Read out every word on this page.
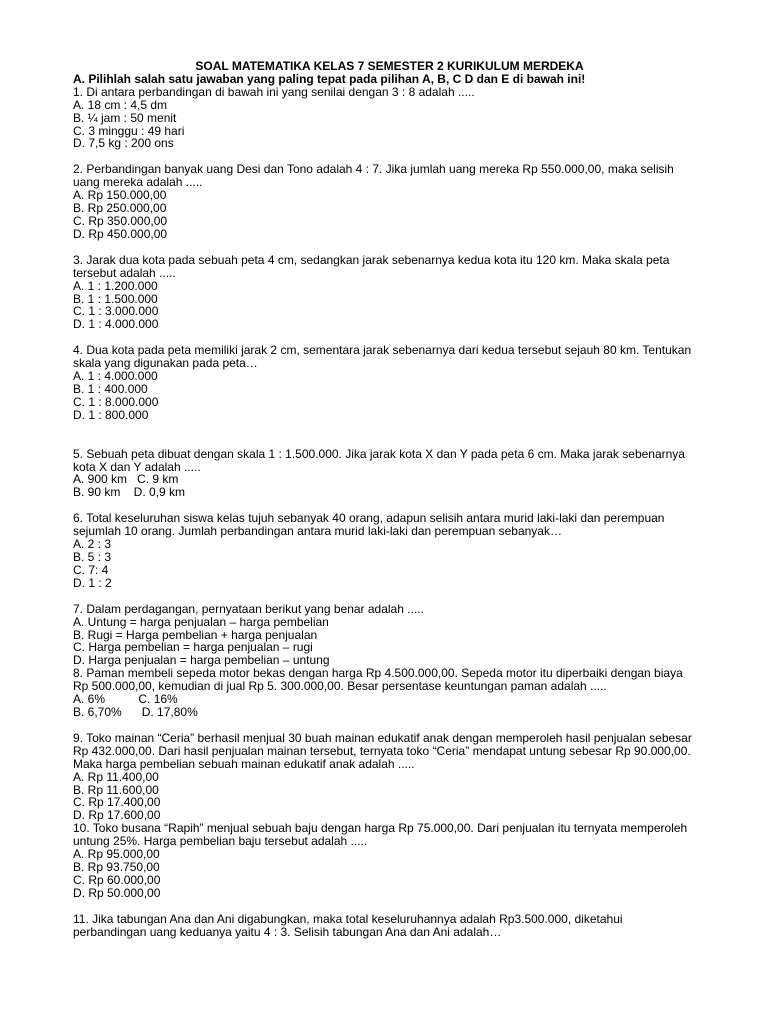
SOAL MATEMATIKA KELAS 7 SEMESTER 2 KURIKULUM MERDEKA
A. Pilihlah salah satu jawaban yang paling tepat pada pilihan A, B, C D dan E di bawah ini!
1. Di antara perbandingan di bawah ini yang senilai dengan 3 : 8 adalah .....
A. 18 cm : 4,5 dm
B. ¼ jam : 50 menit
C. 3 minggu : 49 hari
D. 7,5 kg : 200 ons
2. Perbandingan banyak uang Desi dan Tono adalah 4 : 7. Jika jumlah uang mereka Rp 550.000,00, maka selisih uang mereka adalah .....
A. Rp 150.000,00
B. Rp 250.000,00
C. Rp 350.000,00
D. Rp 450.000,00
3. Jarak dua kota pada sebuah peta 4 cm, sedangkan jarak sebenarnya kedua kota itu 120 km. Maka skala peta tersebut adalah .....
A. 1 : 1.200.000
B. 1 : 1.500.000
C. 1 : 3.000.000
D. 1 : 4.000.000
4. Dua kota pada peta memiliki jarak 2 cm, sementara jarak sebenarnya dari kedua tersebut sejauh 80 km. Tentukan skala yang digunakan pada peta…
A. 1 : 4.000.000
B. 1 : 400.000
C. 1 : 8.000.000
D. 1 : 800.000
5. Sebuah peta dibuat dengan skala 1 : 1.500.000. Jika jarak kota X dan Y pada peta 6 cm. Maka jarak sebenarnya kota X dan Y adalah .....
A. 900 km   C. 9 km
B. 90 km    D. 0,9 km
6. Total keseluruhan siswa kelas tujuh sebanyak 40 orang, adapun selisih antara murid laki-laki dan perempuan sejumlah 10 orang. Jumlah perbandingan antara murid laki-laki dan perempuan sebanyak…
A. 2 : 3
B. 5 : 3
C. 7: 4
D. 1 : 2
7. Dalam perdagangan, pernyataan berikut yang benar adalah .....
A. Untung = harga penjualan – harga pembelian
B. Rugi = Harga pembelian + harga penjualan
C. Harga pembelian = harga penjualan – rugi
D. Harga penjualan = harga pembelian – untung
8. Paman membeli sepeda motor bekas dengan harga Rp 4.500.000,00. Sepeda motor itu diperbaiki dengan biaya Rp 500.000,00, kemudian di jual Rp 5. 300.000,00. Besar persentase keuntungan paman adalah .....
A. 6%          C. 16%
B. 6,70%      D. 17,80%
9. Toko mainan “Ceria” berhasil menjual 30 buah mainan edukatif anak dengan memperoleh hasil penjualan sebesar Rp 432.000,00. Dari hasil penjualan mainan tersebut, ternyata toko “Ceria” mendapat untung sebesar Rp 90.000,00. Maka harga pembelian sebuah mainan edukatif anak adalah .....
A. Rp 11.400,00
B. Rp 11.600,00
C. Rp 17.400,00
D. Rp 17.600,00
10. Toko busana “Rapih” menjual sebuah baju dengan harga Rp 75.000,00. Dari penjualan itu ternyata memperoleh untung 25%. Harga pembelian baju tersebut adalah .....
A. Rp 95.000,00
B. Rp 93.750,00
C. Rp 60.000,00
D. Rp 50.000,00
11. Jika tabungan Ana dan Ani digabungkan, maka total keseluruhannya adalah Rp3.500.000, diketahui perbandingan uang keduanya yaitu 4 : 3. Selisih tabungan Ana dan Ani adalah…
